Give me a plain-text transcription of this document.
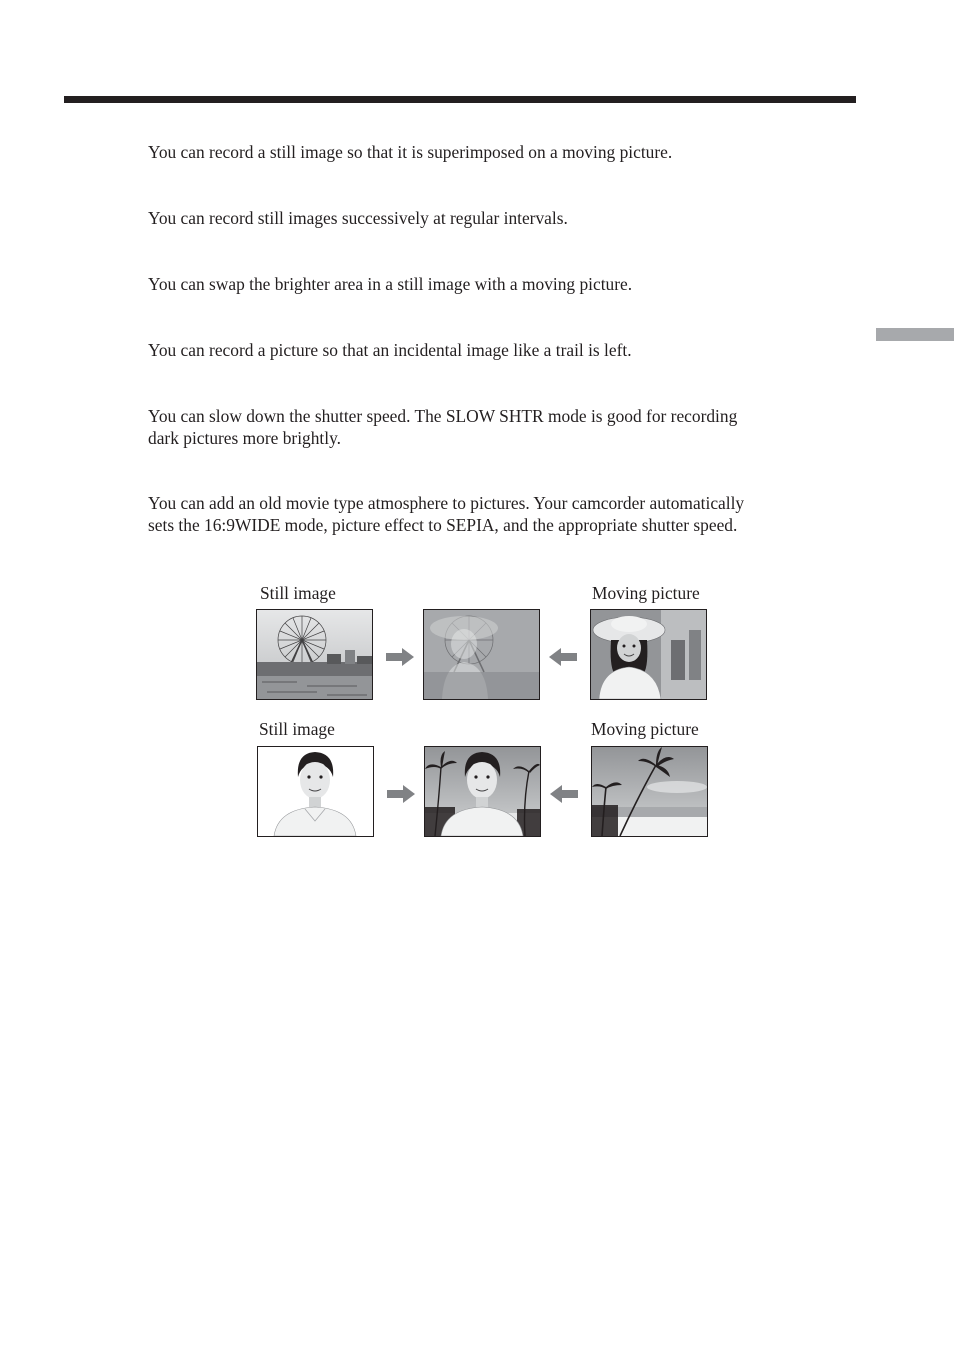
You can record a still image so that it is superimposed on a moving picture.

You can record still images successively at regular intervals.

You can swap the brighter area in a still image with a moving picture.

You can record a picture so that an incidental image like a trail is left.

You can slow down the shutter speed. The SLOW SHTR mode is good for recording

dark pictures more brightly.

You can add an old movie type atmosphere to pictures. Your camcorder automatically

sets the 16:9WIDE mode, picture effect to SEPIA, and the appropriate shutter speed.

Still image	Moving picture
Still image	Moving picture
